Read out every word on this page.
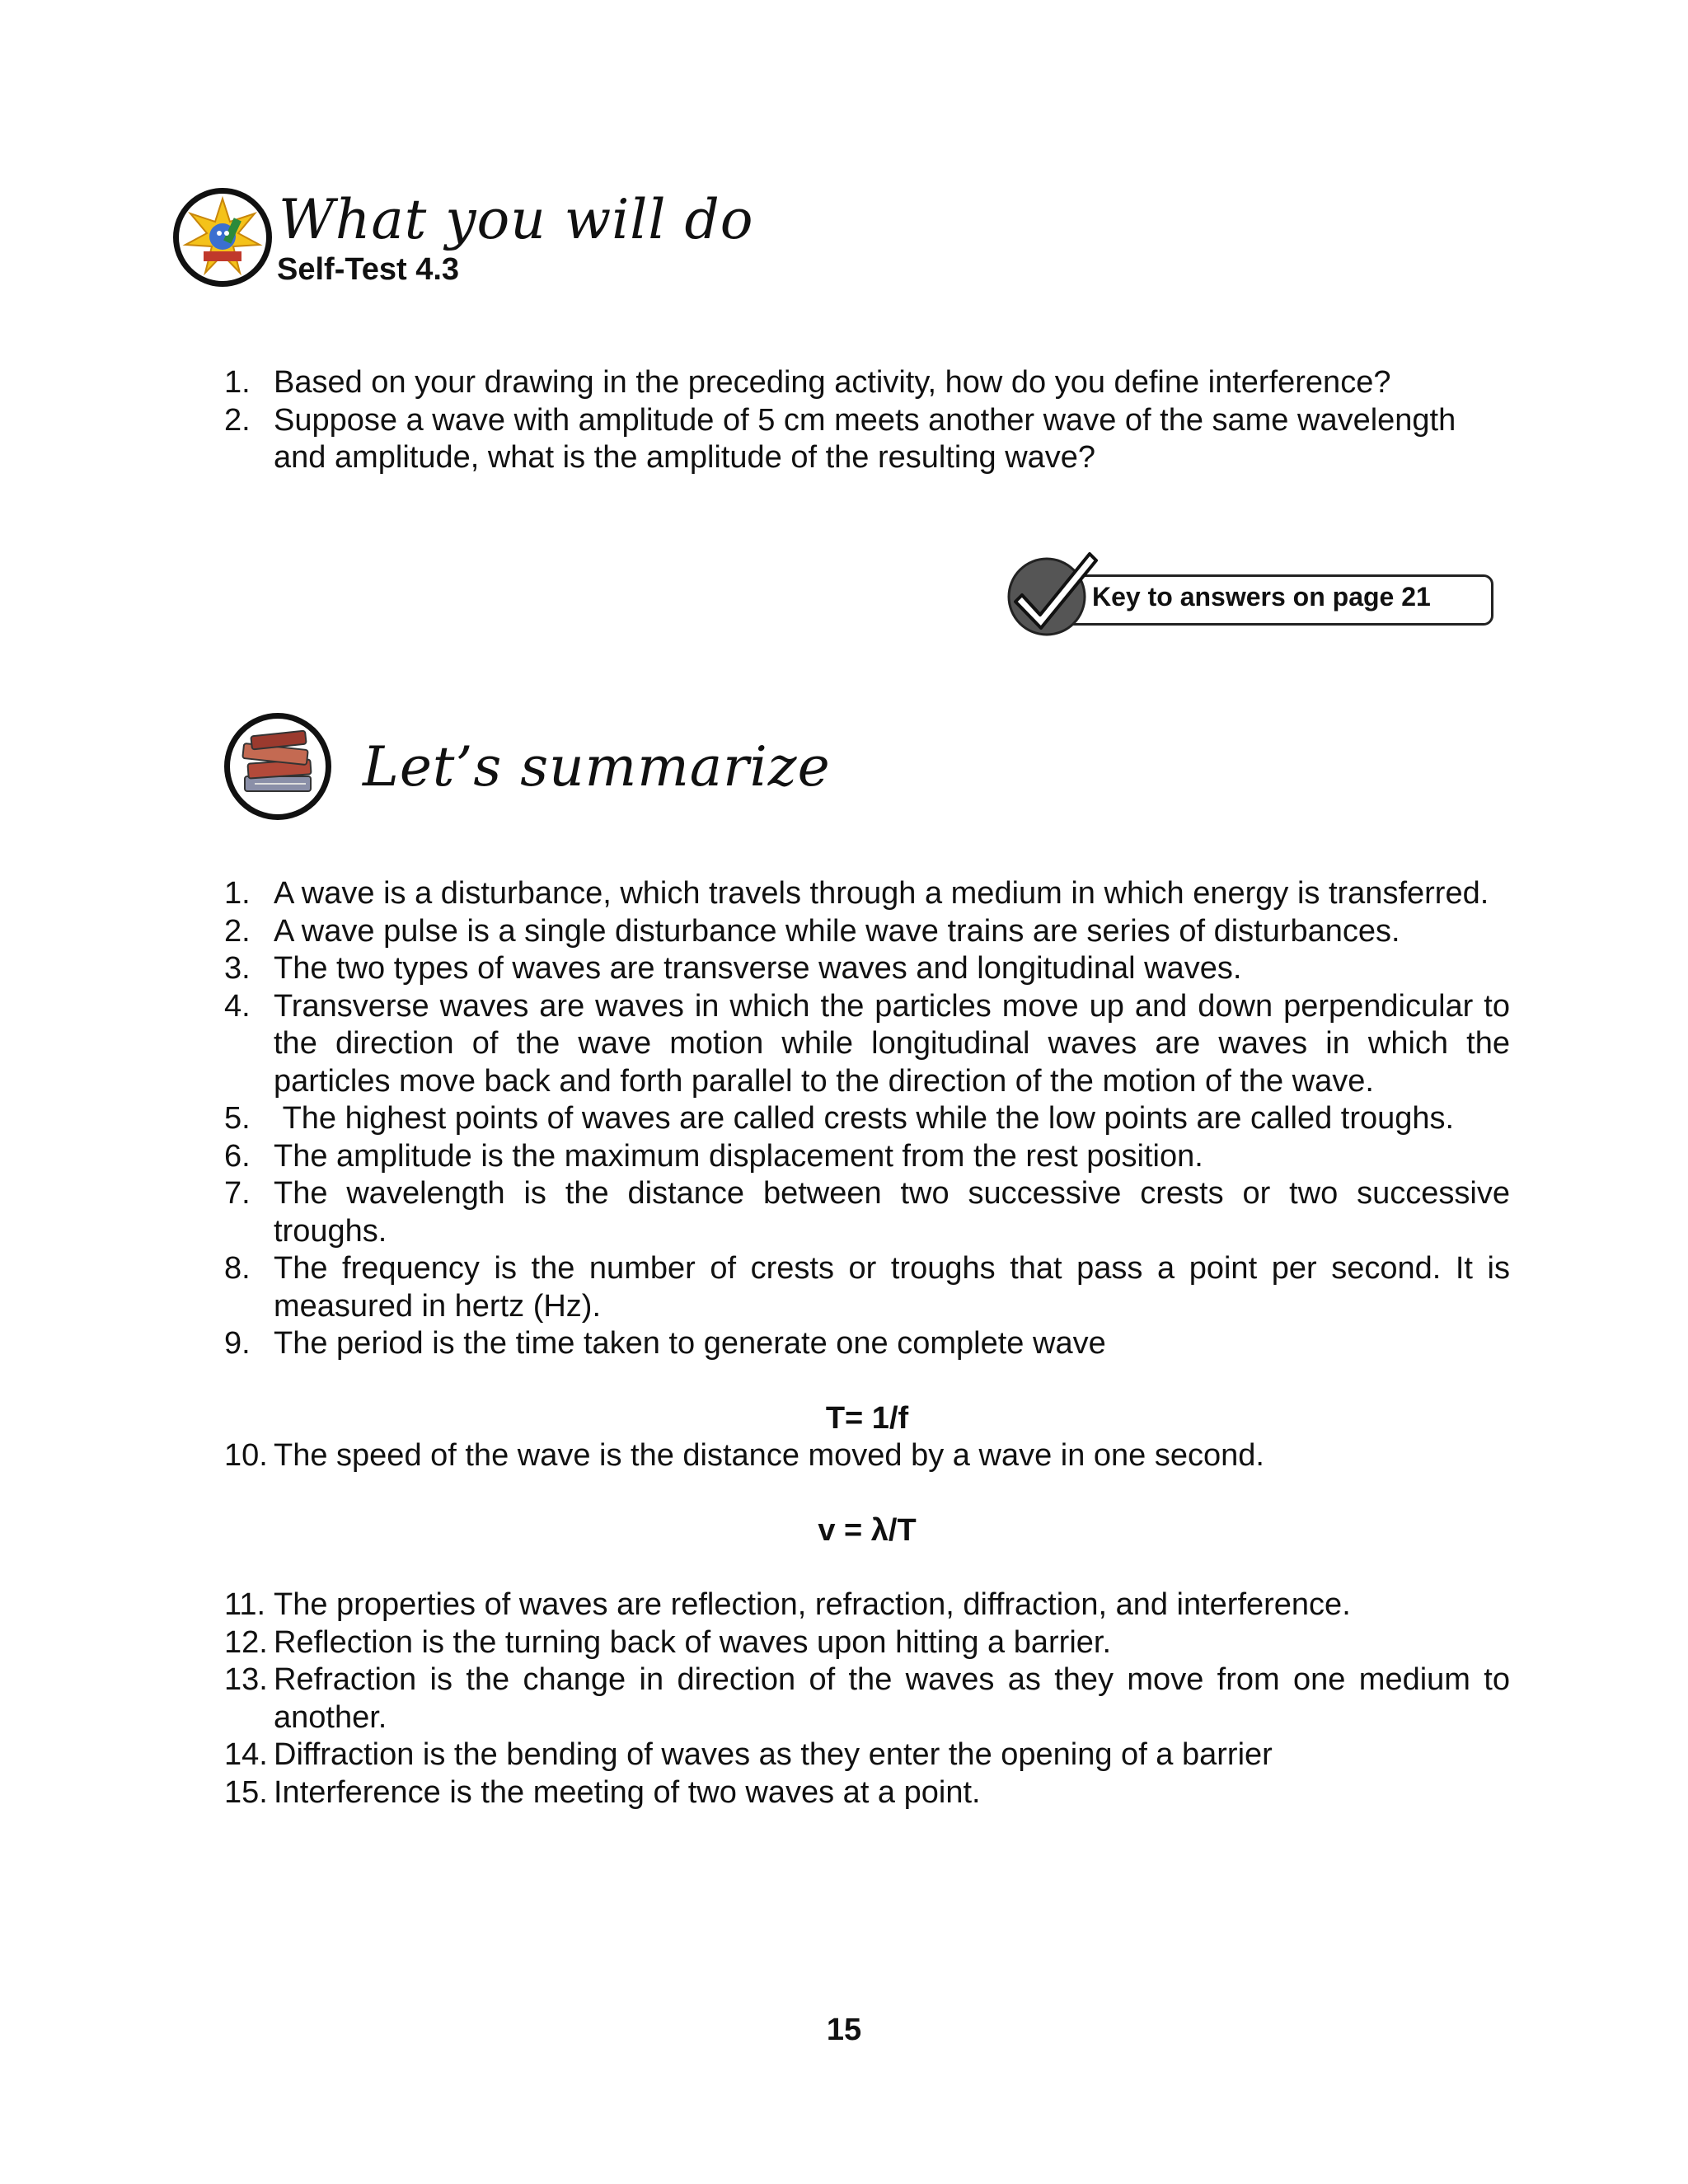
What you will do
Self-Test 4.3
1. Based on your drawing in the preceding activity, how do you define interference?
2. Suppose a wave with amplitude of 5 cm meets another wave of the same wavelength and amplitude, what is the amplitude of the resulting wave?
Key to answers on page 21
Let’s summarize
1. A wave is a disturbance, which travels through a medium in which energy is transferred.
2. A wave pulse is a single disturbance while wave trains are series of disturbances.
3. The two types of waves are transverse waves and longitudinal waves.
4. Transverse waves are waves in which the particles move up and down perpendicular to the direction of the wave motion while longitudinal waves are waves in which the particles move back and forth parallel to the direction of the motion of the wave.
5. The highest points of waves are called crests while the low points are called troughs.
6. The amplitude is the maximum displacement from the rest position.
7. The wavelength is the distance between two successive crests or two successive troughs.
8. The frequency is the number of crests or troughs that pass a point per second. It is measured in hertz (Hz).
9. The period is the time taken to generate one complete wave
T= 1/f
10. The speed of the wave is the distance moved by a wave in one second.
v = λ/T
11. The properties of waves are reflection, refraction, diffraction, and interference.
12. Reflection is the turning back of waves upon hitting a barrier.
13. Refraction is the change in direction of the waves as they move from one medium to another.
14. Diffraction is the bending of waves as they enter the opening of a barrier
15. Interference is the meeting of two waves at a point.
15
